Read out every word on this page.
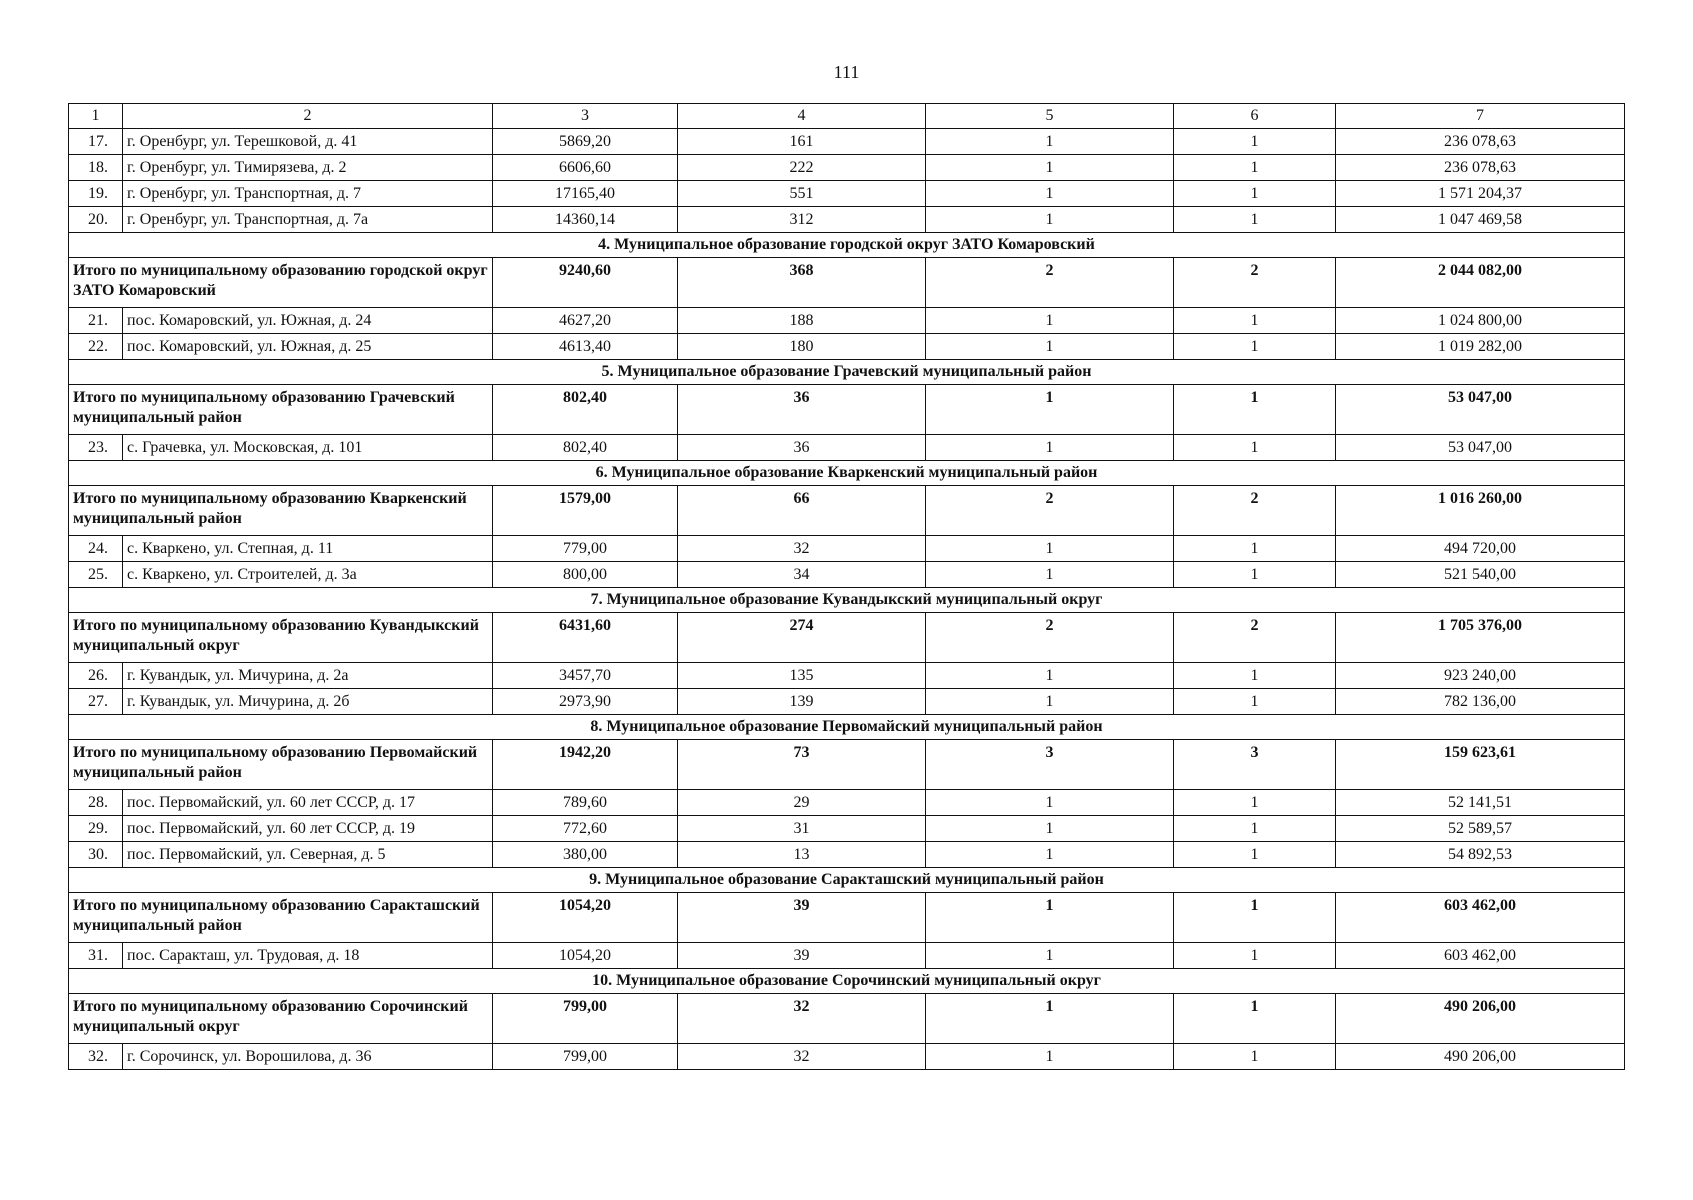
111
1	2	3	4	5	6	7
17.	г. Оренбург, ул. Терешковой, д. 41	5869,20	161	1	1	236 078,63
18.	г. Оренбург, ул. Тимирязева, д. 2	6606,60	222	1	1	236 078,63
19.	г. Оренбург, ул. Транспортная, д. 7	17165,40	551	1	1	1 571 204,37
20.	г. Оренбург, ул. Транспортная, д. 7а	14360,14	312	1	1	1 047 469,58
4. Муниципальное образование городской округ ЗАТО Комаровский						
Итого по муниципальному образованию городской округ ЗАТО Комаровский		9240,60	368	2	2	2 044 082,00
21.	пос. Комаровский, ул. Южная, д. 24	4627,20	188	1	1	1 024 800,00
22.	пос. Комаровский, ул. Южная, д. 25	4613,40	180	1	1	1 019 282,00
5. Муниципальное образование Грачевский муниципальный район						
Итого по муниципальному образованию Грачевский муниципальный район		802,40	36	1	1	53 047,00
23.	с. Грачевка, ул. Московская, д. 101	802,40	36	1	1	53 047,00
6. Муниципальное образование Кваркенский муниципальный район						
Итого по муниципальному образованию Кваркенский муниципальный район		1579,00	66	2	2	1 016 260,00
24.	с. Кваркено, ул. Степная, д. 11	779,00	32	1	1	494 720,00
25.	с. Кваркено, ул. Строителей, д. 3а	800,00	34	1	1	521 540,00
7. Муниципальное образование Кувандыкский муниципальный округ						
Итого по муниципальному образованию Кувандыкский муниципальный округ		6431,60	274	2	2	1 705 376,00
26.	г. Кувандык, ул. Мичурина, д. 2а	3457,70	135	1	1	923 240,00
27.	г. Кувандык, ул. Мичурина, д. 2б	2973,90	139	1	1	782 136,00
8. Муниципальное образование Первомайский муниципальный район						
Итого по муниципальному образованию Первомайский муниципальный район		1942,20	73	3	3	159 623,61
28.	пос. Первомайский, ул. 60 лет СССР, д. 17	789,60	29	1	1	52 141,51
29.	пос. Первомайский, ул. 60 лет СССР, д. 19	772,60	31	1	1	52 589,57
30.	пос. Первомайский, ул. Северная, д. 5	380,00	13	1	1	54 892,53
9. Муниципальное образование Саракташский муниципальный район						
Итого по муниципальному образованию Саракташский муниципальный район		1054,20	39	1	1	603 462,00
31.	пос. Саракташ, ул. Трудовая, д. 18	1054,20	39	1	1	603 462,00
10. Муниципальное образование Сорочинский муниципальный округ						
Итого по муниципальному образованию Сорочинский муниципальный округ		799,00	32	1	1	490 206,00
32.	г. Сорочинск, ул. Ворошилова, д. 36	799,00	32	1	1	490 206,00
